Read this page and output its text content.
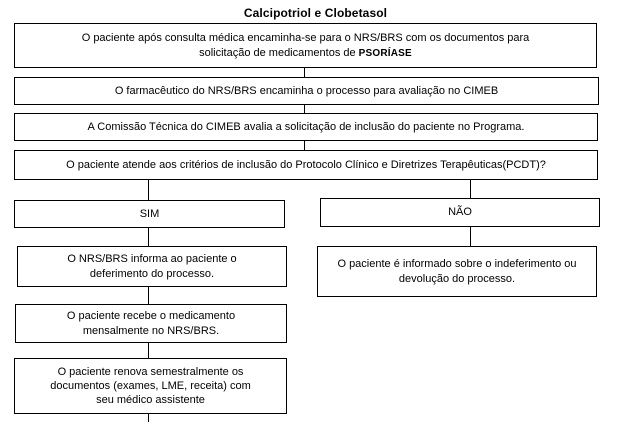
Calcipotriol e Clobetasol
O paciente após consulta médica encaminha-se para o NRS/BRS com os documentos para
solicitação de medicamentos de PSORÍASE
O farmacêutico do NRS/BRS encaminha o processo para avaliação no CIMEB
A Comissão Técnica do CIMEB avalia a solicitação de inclusão do paciente no Programa.
O paciente atende aos critérios de inclusão do Protocolo Clínico e Diretrizes Terapêuticas(PCDT)?
SIM	NÃO
O NRS/BRS informa ao paciente o deferimento do processo.
O paciente recebe o medicamento mensalmente no NRS/BRS.
O paciente renova semestralmente os documentos (exames, LME, receita) com seu médico assistente
O paciente é informado sobre o indeferimento ou devolução do processo.
